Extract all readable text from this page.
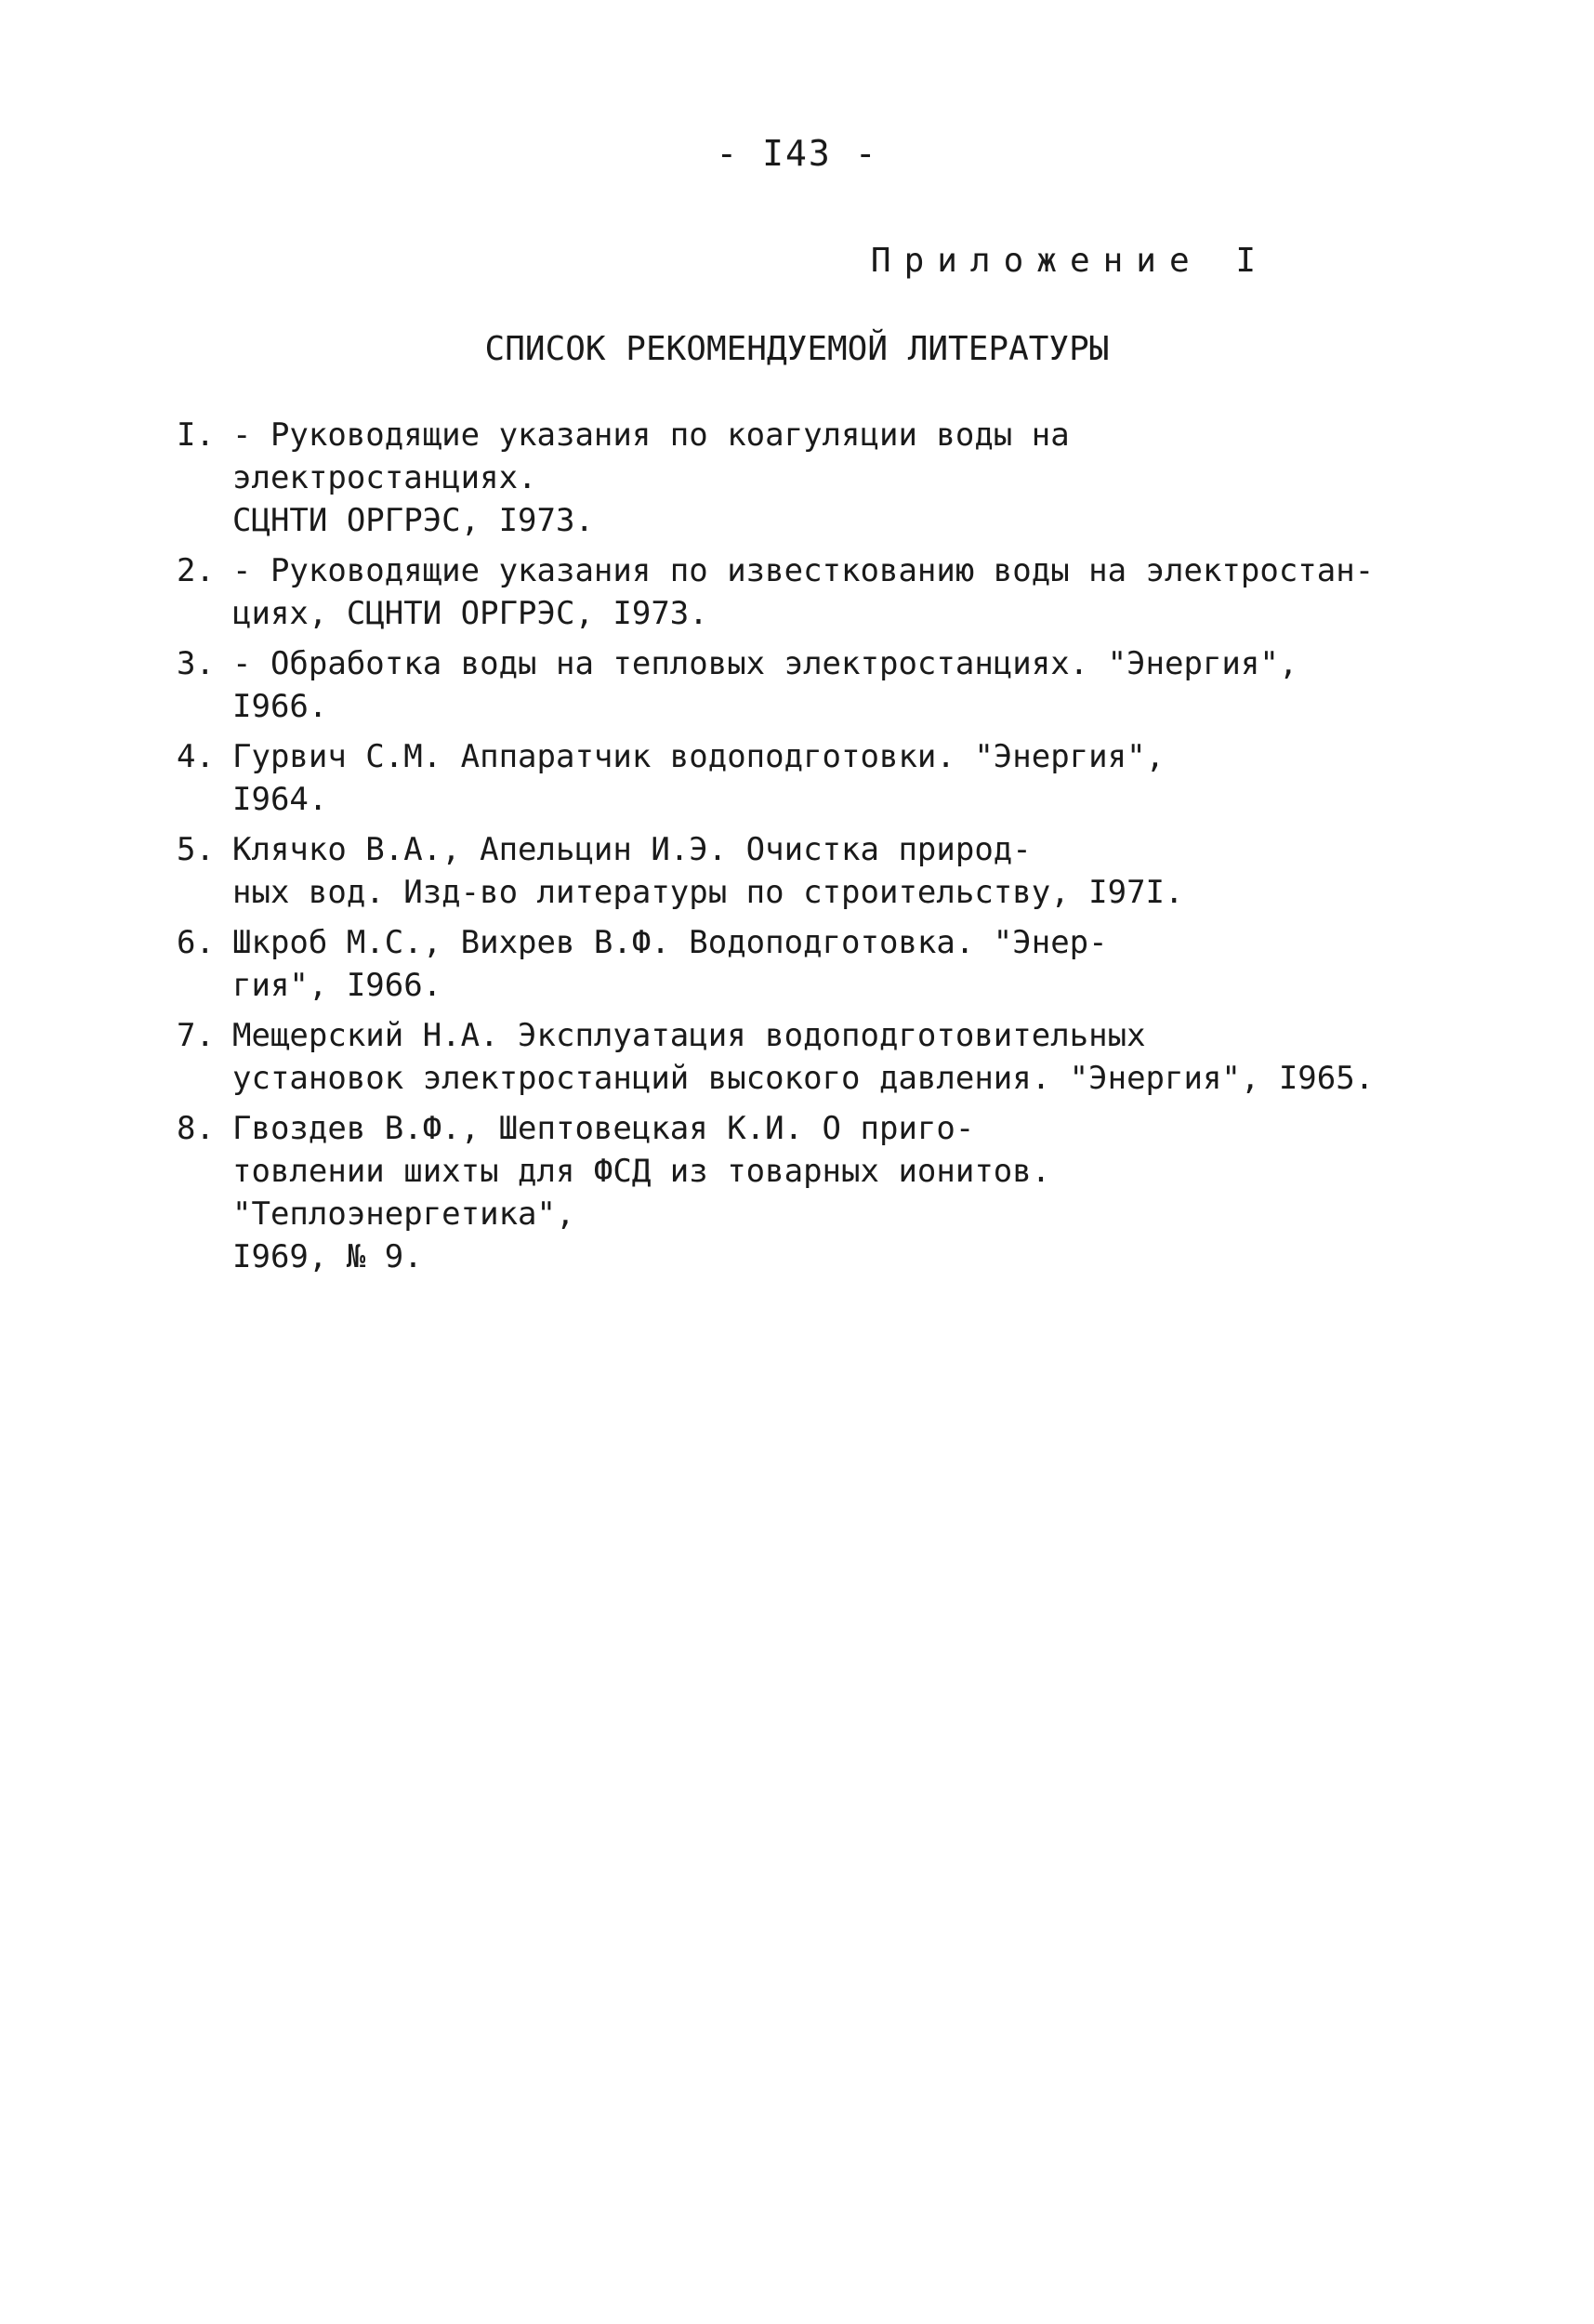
- I43 -
Приложение I
СПИСОК РЕКОМЕНДУЕМОЙ ЛИТЕРАТУРЫ
I. - Руководящие указания по коагуляции воды на электростанциях.
СЦНТИ ОРГРЭС, I973.
2. - Руководящие указания по известкованию воды на электростан-
циях, СЦНТИ ОРГРЭС, I973.
3. - Обработка воды на тепловых электростанциях. "Энергия", I966.
4. Гурвич С.М. Аппаратчик водоподготовки. "Энергия",
I964.
5. Клячко В.А., Апельцин И.Э. Очистка природ-
ных вод. Изд-во литературы по строительству, I97I.
6. Шкроб М.С., Вихрев В.Ф. Водоподготовка. "Энер-
гия", I966.
7. Мещерский Н.А. Эксплуатация водоподготовительных
установок электростанций высокого давления. "Энергия", I965.
8. Гвоздев В.Ф., Шептовецкая К.И. О приго-
товлении шихты для ФСД из товарных ионитов. "Теплоэнергетика",
I969, № 9.
